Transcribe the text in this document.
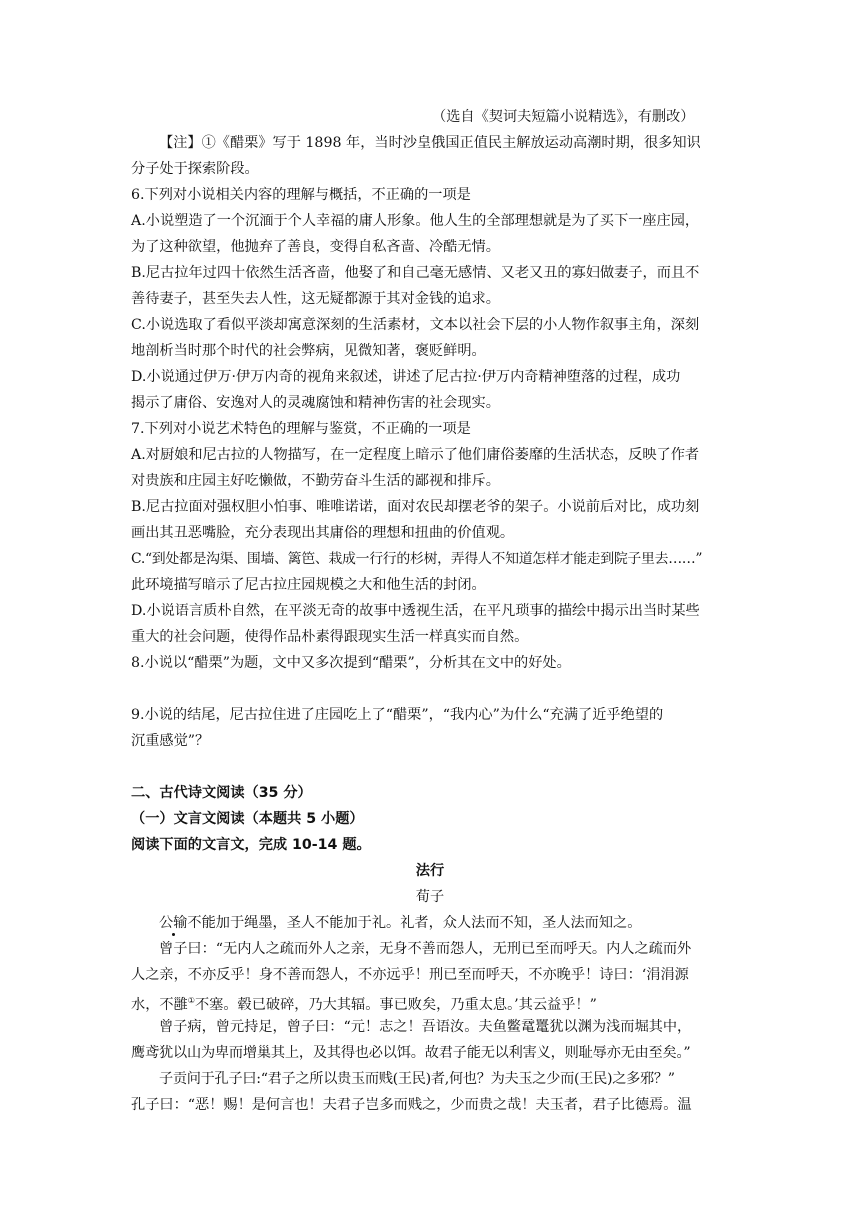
（选自《契诃夫短篇小说精选》，有删改）
【注】①《醋栗》写于 1898 年，当时沙皇俄国正值民主解放运动高潮时期，很多知识
分子处于探索阶段。
6.下列对小说相关内容的理解与概括，不正确的一项是
A.小说塑造了一个沉湎于个人幸福的庸人形象。他人生的全部理想就是为了买下一座庄园，
为了这种欲望，他抛弃了善良，变得自私吝啬、冷酷无情。
B.尼古拉年过四十依然生活吝啬，他娶了和自己毫无感情、又老又丑的寡妇做妻子，而且不
善待妻子，甚至失去人性，这无疑都源于其对金钱的追求。
C.小说选取了看似平淡却寓意深刻的生活素材，文本以社会下层的小人物作叙事主角，深刻
地剖析当时那个时代的社会弊病，见微知著，褒贬鲜明。
D.小说通过伊万·伊万内奇的视角来叙述，讲述了尼古拉·伊万内奇精神堕落的过程，成功
揭示了庸俗、安逸对人的灵魂腐蚀和精神伤害的社会现实。
7.下列对小说艺术特色的理解与鉴赏，不正确的一项是
A.对厨娘和尼古拉的人物描写，在一定程度上暗示了他们庸俗萎靡的生活状态，反映了作者
对贵族和庄园主好吃懒做，不勤劳奋斗生活的鄙视和排斥。
B.尼古拉面对强权胆小怕事、唯唯诺诺，面对农民却摆老爷的架子。小说前后对比，成功刻
画出其丑恶嘴脸，充分表现出其庸俗的理想和扭曲的价值观。
C.“到处都是沟渠、围墙、篱笆、栽成一行行的杉树，弄得人不知道怎样才能走到院子里去……”
此环境描写暗示了尼古拉庄园规模之大和他生活的封闭。
D.小说语言质朴自然，在平淡无奇的故事中透视生活，在平凡琐事的描绘中揭示出当时某些
重大的社会问题，使得作品朴素得跟现实生活一样真实而自然。
8.小说以“醋栗”为题，文中又多次提到“醋栗”，分析其在文中的好处。
9.小说的结尾，尼古拉住进了庄园吃上了“醋栗”，“我内心”为什么“充满了近乎绝望的
沉重感觉”？
二、古代诗文阅读（35 分）
（一）文言文阅读（本题共 5 小题）
阅读下面的文言文，完成 10-14 题。
法行
荀子
公输不能加于绳墨，圣人不能加于礼。礼者，众人法而不知，圣人法而知之。
曾子曰：“无内人之疏而外人之亲，无身不善而怨人，无刑已至而呼天。内人之疏而外
人之亲，不亦反乎！身不善而怨人，不亦远乎！刑已至而呼天，不亦晚乎！诗曰：‘涓涓源
水，不雝①不塞。毂已破碎，乃大其辐。事已败矣，乃重太息。’其云益乎！”
曾子病，曾元持足，曾子曰：“元！志之！吾语汝。夫鱼鳖鼋鼍犹以渊为浅而堀其中，
鹰鸢犹以山为卑而增巢其上，及其得也必以饵。故君子能无以利害义，则耻辱亦无由至矣。”
子贡问于孔子曰:“君子之所以贵玉而贱(王民)者,何也？为夫玉之少而(王民)之多邪？”
孔子曰：“恶！赐！是何言也！夫君子岂多而贱之，少而贵之哉！夫玉者，君子比德焉。温
